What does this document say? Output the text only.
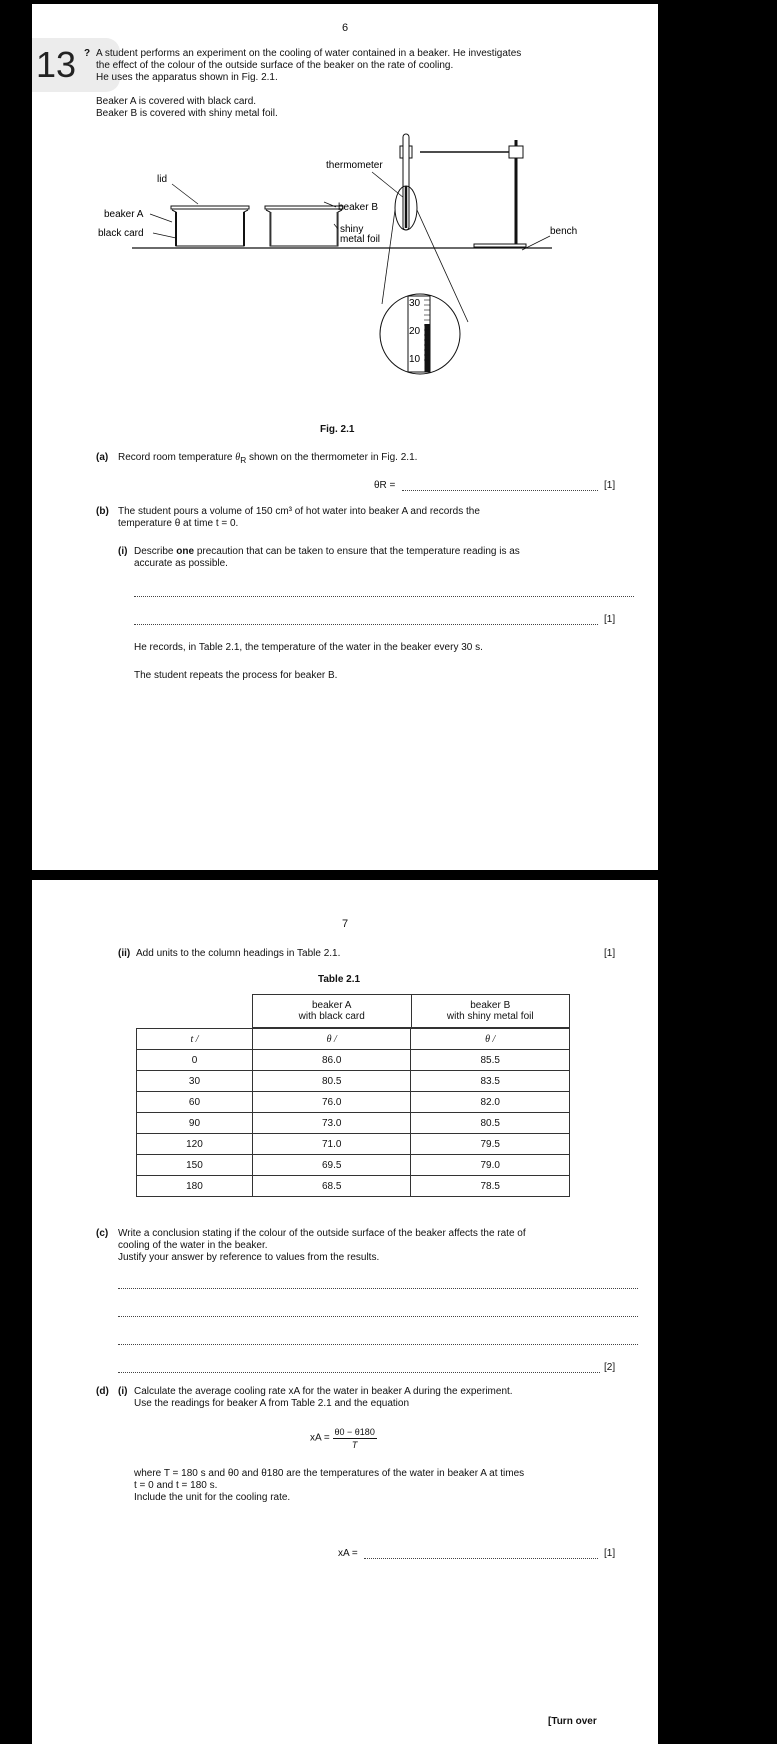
6
13 ? A student performs an experiment on the cooling of water contained in a beaker. He investigates
the effect of the colour of the outside surface of the beaker on the rate of cooling.
He uses the apparatus shown in Fig. 2.1.
Beaker A is covered with black card.
Beaker B is covered with shiny metal foil.
lid
beaker A
black card
thermometer
beaker B
shiny
metal foil
bench
30
20
10
Fig. 2.1
(a) Record room temperature $\theta_R$ shown on the thermometer in Fig. 2.1.
θR =	[1]
(b) The student pours a volume of 150 cm³ of hot water into beaker A and records the
temperature θ at time t = 0.
(i) Describe one precaution that can be taken to ensure that the temperature reading is as
accurate as possible.
[1]
He records, in Table 2.1, the temperature of the water in the beaker every 30 s.
The student repeats the process for beaker B.
7
(ii) Add units to the column headings in Table 2.1.	[1]
Table 2.1
beaker A
with black card

beaker B
with shiny metal foil
t /	θ /	θ /
0	86.0	85.5
30	80.5	83.5
60	76.0	82.0
90	73.0	80.5
120	71.0	79.5
150	69.5	79.0
180	68.5	78.5
(c) Write a conclusion stating if the colour of the outside surface of the beaker affects the rate of
cooling of the water in the beaker.
Justify your answer by reference to values from the results.
[2]
(d) (i) Calculate the average cooling rate xA for the water in beaker A during the experiment.
Use the readings for beaker A from Table 2.1 and the equation
xA = $\frac{\theta 0 - \theta 180}{T}$
where T = 180 s and θ0 and θ180 are the temperatures of the water in beaker A at times
t = 0 and t = 180 s.
Include the unit for the cooling rate.
xA =	[1]
[Turn over
